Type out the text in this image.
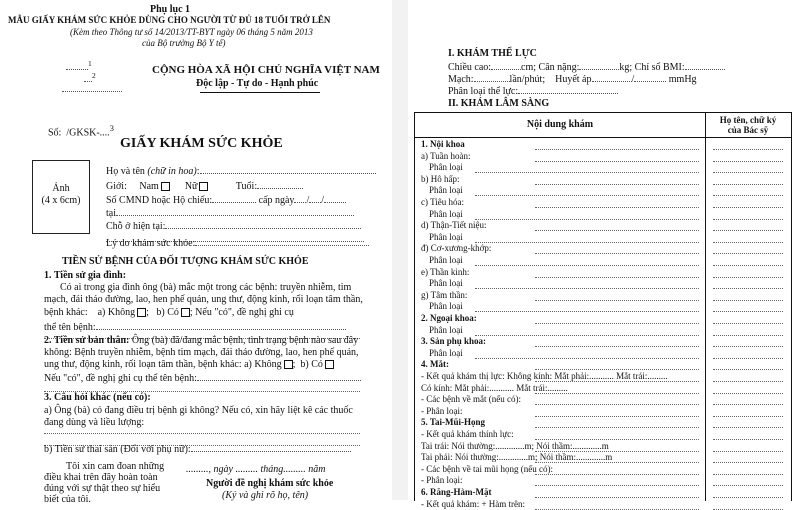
Phụ lục 1
MẪU GIẤY KHÁM SỨC KHỎE DÙNG CHO NGƯỜI TỪ ĐỦ 18 TUỔI TRỞ LÊN
(Kèm theo Thông tư số 14/2013/TT-BYT ngày 06 tháng 5 năm 2013
của Bộ trưởng Bộ Y tế)
$^1$
$^2$	CỘNG HÒA XÃ HỘI CHỦ NGHĨA VIỆT NAM
Độc lập - Tự do - Hạnh phúc
Số: /GKSK-....$^3$
GIẤY KHÁM SỨC KHỎE
Ảnh
(4 x 6cm)
Họ và tên (chữ in hoa):
Giới: Nam	Nữ	Tuổi:
Số CMND hoặc Hộ chiếu:	cấp ngày / /
tại
Chỗ ở hiện tại:
Lý do khám sức khỏe:
TIỀN SỬ BỆNH CỦA ĐỐI TƯỢNG KHÁM SỨC KHỎE
1. Tiền sử gia đình:
Có ai trong gia đình ông (bà) mắc một trong các bệnh: truyền nhiễm, tim
mạch, đái tháo đường, lao, hen phế quản, ung thư, động kinh, rối loạn tâm thần,
bệnh khác: a) Không ;   b) Có ; Nếu "có", đề nghị ghi cụ
thể tên bệnh:
2. Tiền sử bản thân: Ông (bà) đã/đang mắc bệnh, tình trạng bệnh nào sau đây
không: Bệnh truyền nhiễm, bệnh tim mạch, đái tháo đường, lao, hen phế quản,
ung thư, động kinh, rối loạn tâm thần, bệnh khác: a) Không ;  b) Có
Nếu "có", đề nghị ghi cụ thể tên bệnh:
3. Câu hỏi khác (nếu có):
a) Ông (bà) có đang điều trị bệnh gì không? Nếu có, xin hãy liệt kê các thuốc
đang dùng và liều lượng:
b) Tiền sử thai sản (Đối với phụ nữ):
Tôi xin cam đoan những
điều khai trên đây hoàn toàn
đúng với sự thật theo sự hiểu
biết của tôi.
........., ngày ......... tháng......... năm
Người đề nghị khám sức khỏe
(Ký và ghi rõ họ, tên)
I. KHÁM THỂ LỰC
Chiều cao:	cm; Cân nặng:	kg; Chỉ số BMI:
Mạch:	lần/phút; Huyết áp	/	mmHg
Phân loại thể lực:
II. KHÁM LÂM SÀNG
Nội dung khám	Họ tên, chữ ký
của Bác sỹ
1. Nội khoa
a) Tuần hoàn:
Phân loại
b) Hô hấp:
Phân loại
c) Tiêu hóa:
Phân loại
d) Thận-Tiết niệu:
Phân loại
đ) Cơ-xương-khớp:
Phân loại
e) Thần kinh:
Phân loại
g) Tâm thần:
Phân loại
2. Ngoại khoa:
Phân loại
3. Sản phụ khoa:
Phân loại
4. Mắt:
- Kết quả khám thị lực: Không kính: Mắt phải:........... Mắt trái:.........
Có kính: Mắt phải:........... Mắt trái:.........
- Các bệnh về mắt (nếu có):
- Phân loại:
5. Tai-Mũi-Họng
- Kết quả khám thính lực:
Tai trái: Nói thường:.............m; Nói thầm:.............m
Tai phải: Nói thường:.............m; Nói thầm:.............m
- Các bệnh về tai mũi họng (nếu có):
- Phân loại:
6. Răng-Hàm-Mặt
- Kết quả khám: + Hàm trên:
